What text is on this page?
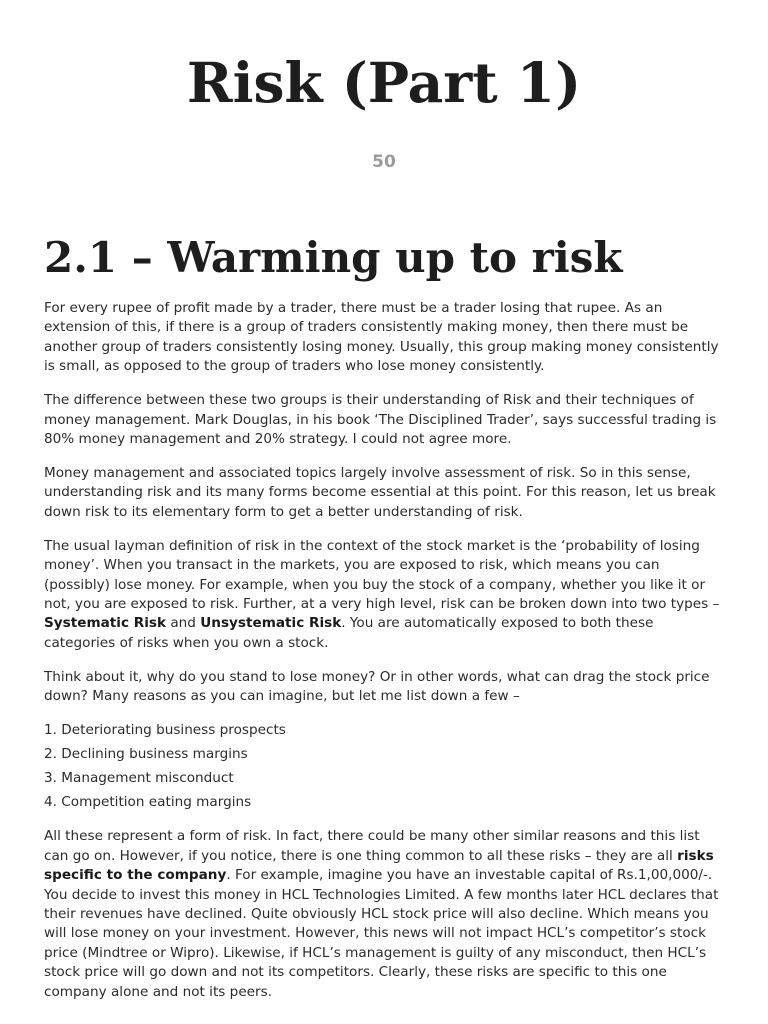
Risk (Part 1)
50
2.1 – Warming up to risk

For every rupee of profit made by a trader, there must be a trader losing that rupee. As an extension of this, if there is a group of traders consistently making money, then there must be another group of traders consistently losing money. Usually, this group making money consistently is small, as opposed to the group of traders who lose money consistently.

The difference between these two groups is their understanding of Risk and their techniques of money management. Mark Douglas, in his book ‘The Disciplined Trader’, says successful trading is 80% money management and 20% strategy. I could not agree more.

Money management and associated topics largely involve assessment of risk. So in this sense, understanding risk and its many forms become essential at this point. For this reason, let us break down risk to its elementary form to get a better understanding of risk.

The usual layman definition of risk in the context of the stock market is the ‘probability of losing money’. When you transact in the markets, you are exposed to risk, which means you can (possibly) lose money. For example, when you buy the stock of a company, whether you like it or not, you are exposed to risk. Further, at a very high level, risk can be broken down into two types – Systematic Risk and Unsystematic Risk. You are automatically exposed to both these categories of risks when you own a stock.

Think about it, why do you stand to lose money? Or in other words, what can drag the stock price down? Many reasons as you can imagine, but let me list down a few –

1. Deteriorating business prospects
2. Declining business margins
3. Management misconduct
4. Competition eating margins

All these represent a form of risk. In fact, there could be many other similar reasons and this list can go on. However, if you notice, there is one thing common to all these risks – they are all risks specific to the company. For example, imagine you have an investable capital of Rs.1,00,000/-. You decide to invest this money in HCL Technologies Limited. A few months later HCL declares that their revenues have declined. Quite obviously HCL stock price will also decline. Which means you will lose money on your investment. However, this news will not impact HCL’s competitor’s stock price (Mindtree or Wipro). Likewise, if HCL’s management is guilty of any misconduct, then HCL’s stock price will go down and not its competitors. Clearly, these risks are specific to this one company alone and not its peers.
